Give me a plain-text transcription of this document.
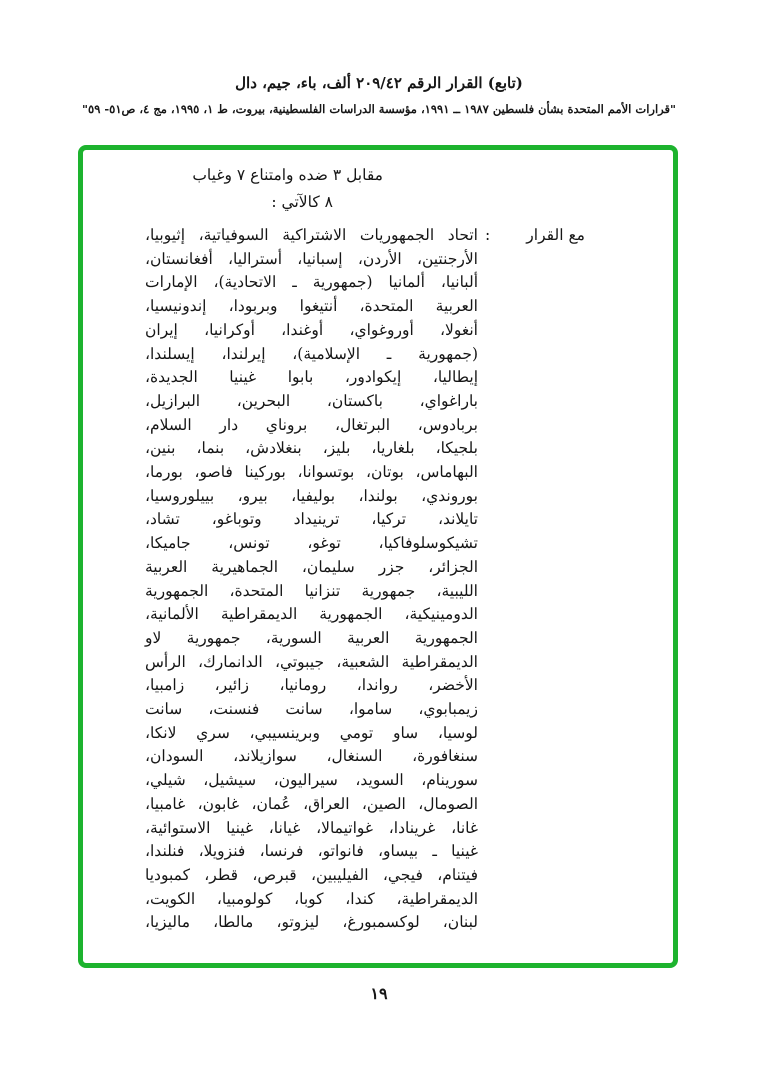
(تابع) القرار الرقم ٢٠٩/٤٢ ألف، باء، جيم، دال
"قرارات الأمم المتحدة بشأن فلسطين ١٩٨٧ ــ ١٩٩١، مؤسسة الدراسات الفلسطينية، بيروت، ط ١، ١٩٩٥، مج ٤، ص٥١- ٥٩"
مقابل ٣ ضده وامتناع ٧ وغياب
٨ كالآتي :
مع القرار
:
اتحاد الجمهوريات الاشتراكية السوفياتية، إثيوبيا،
الأرجنتين، الأردن، إسبانيا، أستراليا، أفغانستان،
ألبانيا، ألمانيا (جمهورية ـ الاتحادية)، الإمارات
العربية المتحدة، أنتيغوا وبربودا، إندونيسيا،
أنغولا، أوروغواي، أوغندا، أوكرانيا، إيران
(جمهورية ـ الإسلامية)، إيرلندا، إيسلندا،
إيطاليا، إيكوادور، بابوا غينيا الجديدة،
باراغواي، باكستان، البحرين، البرازيل،
بربادوس، البرتغال، بروناي دار السلام،
بلجيكا، بلغاريا، بليز، بنغلادش، بنما، بنين،
البهاماس، بوتان، بوتسوانا، بوركينا فاصو، بورما،
بوروندي، بولندا، بوليفيا، بيرو، بييلوروسيا،
تايلاند، تركيا، ترينيداد وتوباغو، تشاد،
تشيكوسلوفاكيا، توغو، تونس، جاميكا،
الجزائر، جزر سليمان، الجماهيرية العربية
الليبية، جمهورية تنزانيا المتحدة، الجمهورية
الدومينيكية، الجمهورية الديمقراطية الألمانية،
الجمهورية العربية السورية، جمهورية لاو
الديمقراطية الشعبية، جيبوتي، الدانمارك، الرأس
الأخضر، رواندا، رومانيا، زائير، زامبيا،
زيمبابوي، ساموا، سانت فنسنت، سانت
لوسيا، ساو تومي وبرينسيبي، سري لانكا،
سنغافورة، السنغال، سوازيلاند، السودان،
سورينام، السويد، سيراليون، سيشيل، شيلي،
الصومال، الصين، العراق، عُمان، غابون، غامبيا،
غانا، غرينادا، غواتيمالا، غيانا، غينيا الاستوائية،
غينيا ـ بيساو، فانواتو، فرنسا، فنزويلا، فنلندا،
فيتنام، فيجي، الفيليبين، قبرص، قطر، كمبوديا
الديمقراطية، كندا، كوبا، كولومبيا، الكويت،
لبنان، لوكسمبورغ، ليزوتو، مالطا، ماليزيا،
١٩
